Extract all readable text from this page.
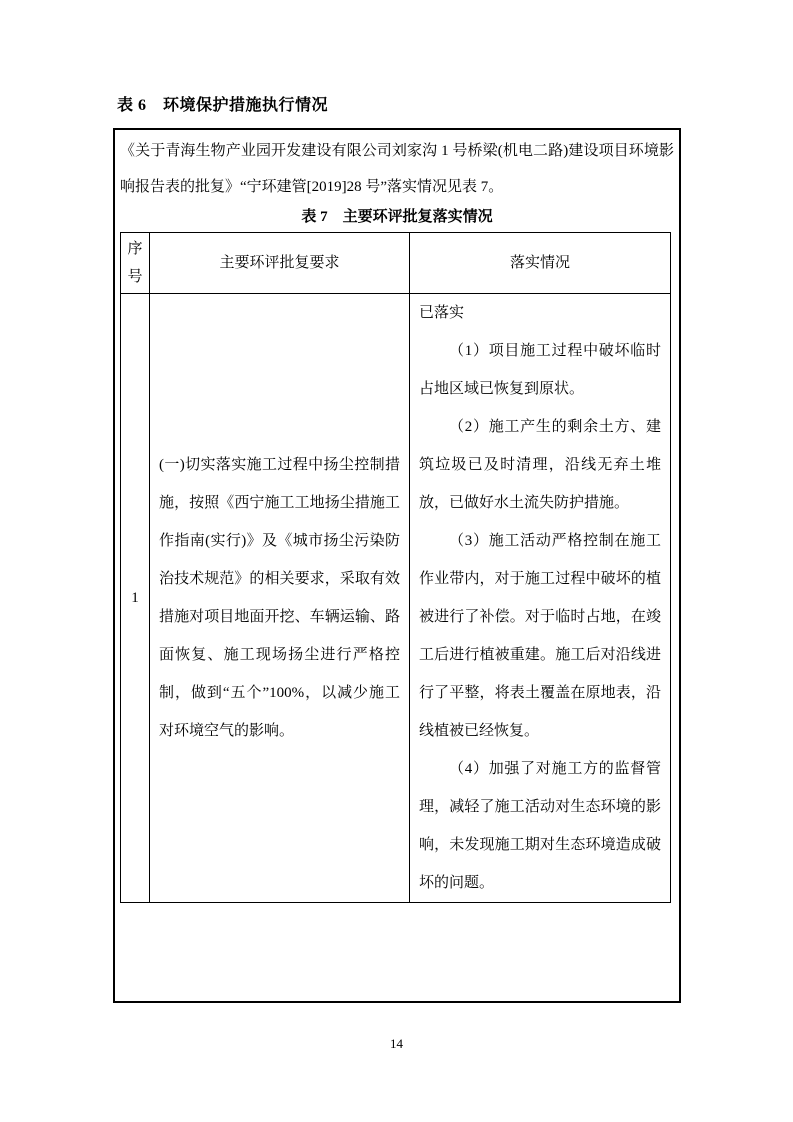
表 6　环境保护措施执行情况

《关于青海生物产业园开发建设有限公司刘家沟 1 号桥梁(机电二路)建设项目环境影响报告表的批复》“宁环建管[2019]28 号”落实情况见表 7。

表 7　主要环评批复落实情况
序号	主要环评批复要求	落实情况
1	(一)切实落实施工过程中扬尘控制措施，按照《西宁施工工地扬尘措施工作指南(实行)》及《城市扬尘污染防治技术规范》的相关要求，采取有效措施对项目地面开挖、车辆运输、路面恢复、施工现场扬尘进行严格控制，做到“五个”100%，以减少施工对环境空气的影响。	已落实

（1）项目施工过程中破坏临时占地区域已恢复到原状。

（2）施工产生的剩余土方、建筑垃圾已及时清理，沿线无弃土堆放，已做好水土流失防护措施。

（3）施工活动严格控制在施工作业带内，对于施工过程中破坏的植被进行了补偿。对于临时占地，在竣工后进行植被重建。施工后对沿线进行了平整，将表土覆盖在原地表，沿线植被已经恢复。

（4）加强了对施工方的监督管理，减轻了施工活动对生态环境的影响，未发现施工期对生态环境造成破坏的问题。

14
